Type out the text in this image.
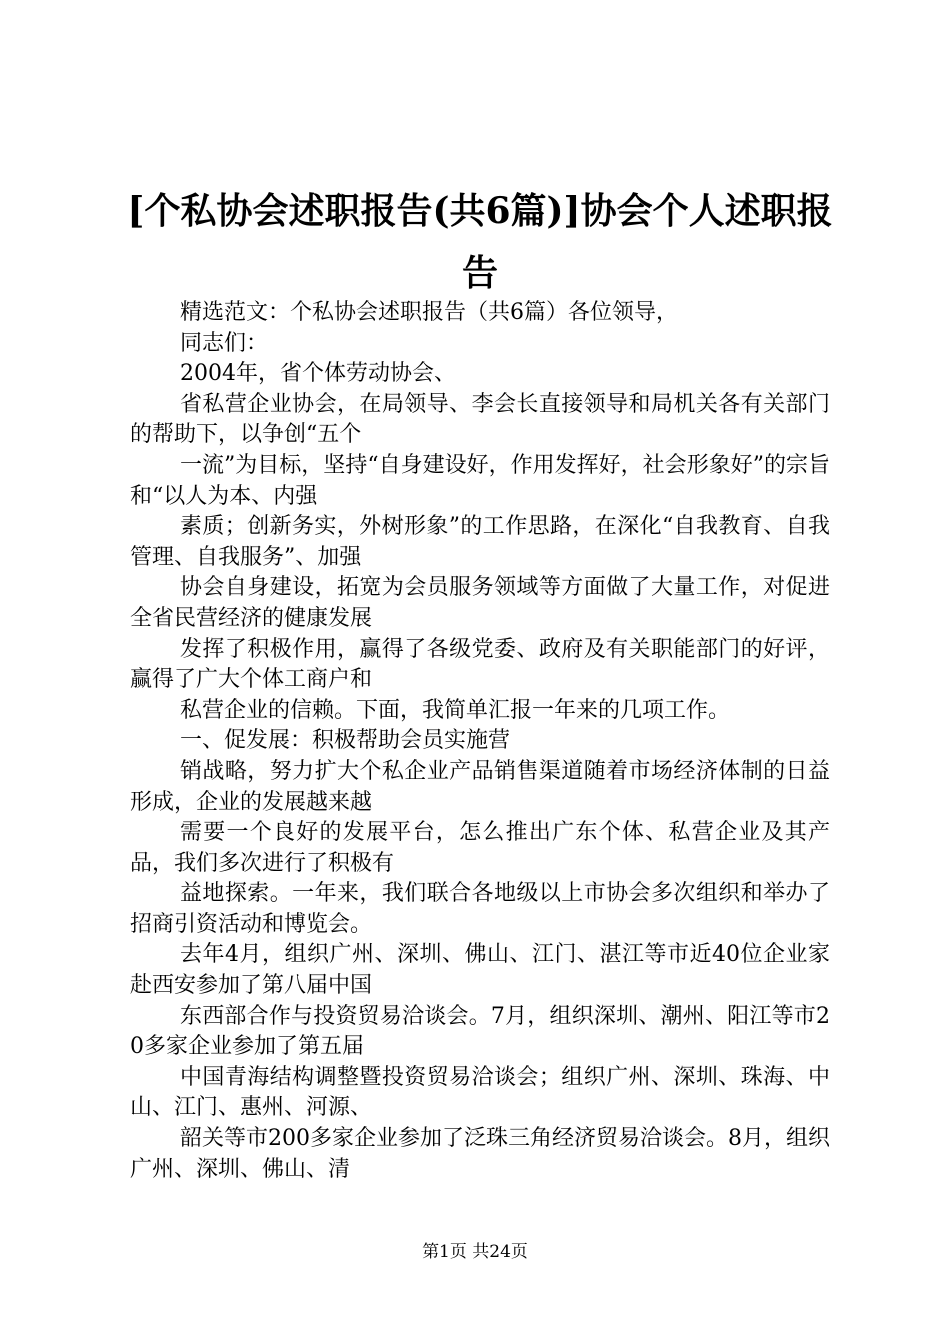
[个私协会述职报告(共6篇)]协会个人述职报告

精选范文：个私协会述职报告（共6篇）各位领导，

同志们：

2004年，省个体劳动协会、

省私营企业协会，在局领导、李会长直接领导和局机关各有关部门的帮助下，以争创“五个

一流”为目标，坚持“自身建设好，作用发挥好，社会形象好”的宗旨和“以人为本、内强

素质；创新务实，外树形象”的工作思路，在深化“自我教育、自我管理、自我服务”、加强

协会自身建设，拓宽为会员服务领域等方面做了大量工作，对促进全省民营经济的健康发展

发挥了积极作用，赢得了各级党委、政府及有关职能部门的好评，赢得了广大个体工商户和

私营企业的信赖。下面，我简单汇报一年来的几项工作。

一、促发展：积极帮助会员实施营

销战略，努力扩大个私企业产品销售渠道随着市场经济体制的日益形成，企业的发展越来越

需要一个良好的发展平台，怎么推出广东个体、私营企业及其产品，我们多次进行了积极有

益地探索。一年来，我们联合各地级以上市协会多次组织和举办了招商引资活动和博览会。

去年4月，组织广州、深圳、佛山、江门、湛江等市近40位企业家赴西安参加了第八届中国

东西部合作与投资贸易洽谈会。7月，组织深圳、潮州、阳江等市20多家企业参加了第五届

中国青海结构调整暨投资贸易洽谈会；组织广州、深圳、珠海、中山、江门、惠州、河源、

韶关等市200多家企业参加了泛珠三角经济贸易洽谈会。8月，组织广州、深圳、佛山、清

第1页 共24页
